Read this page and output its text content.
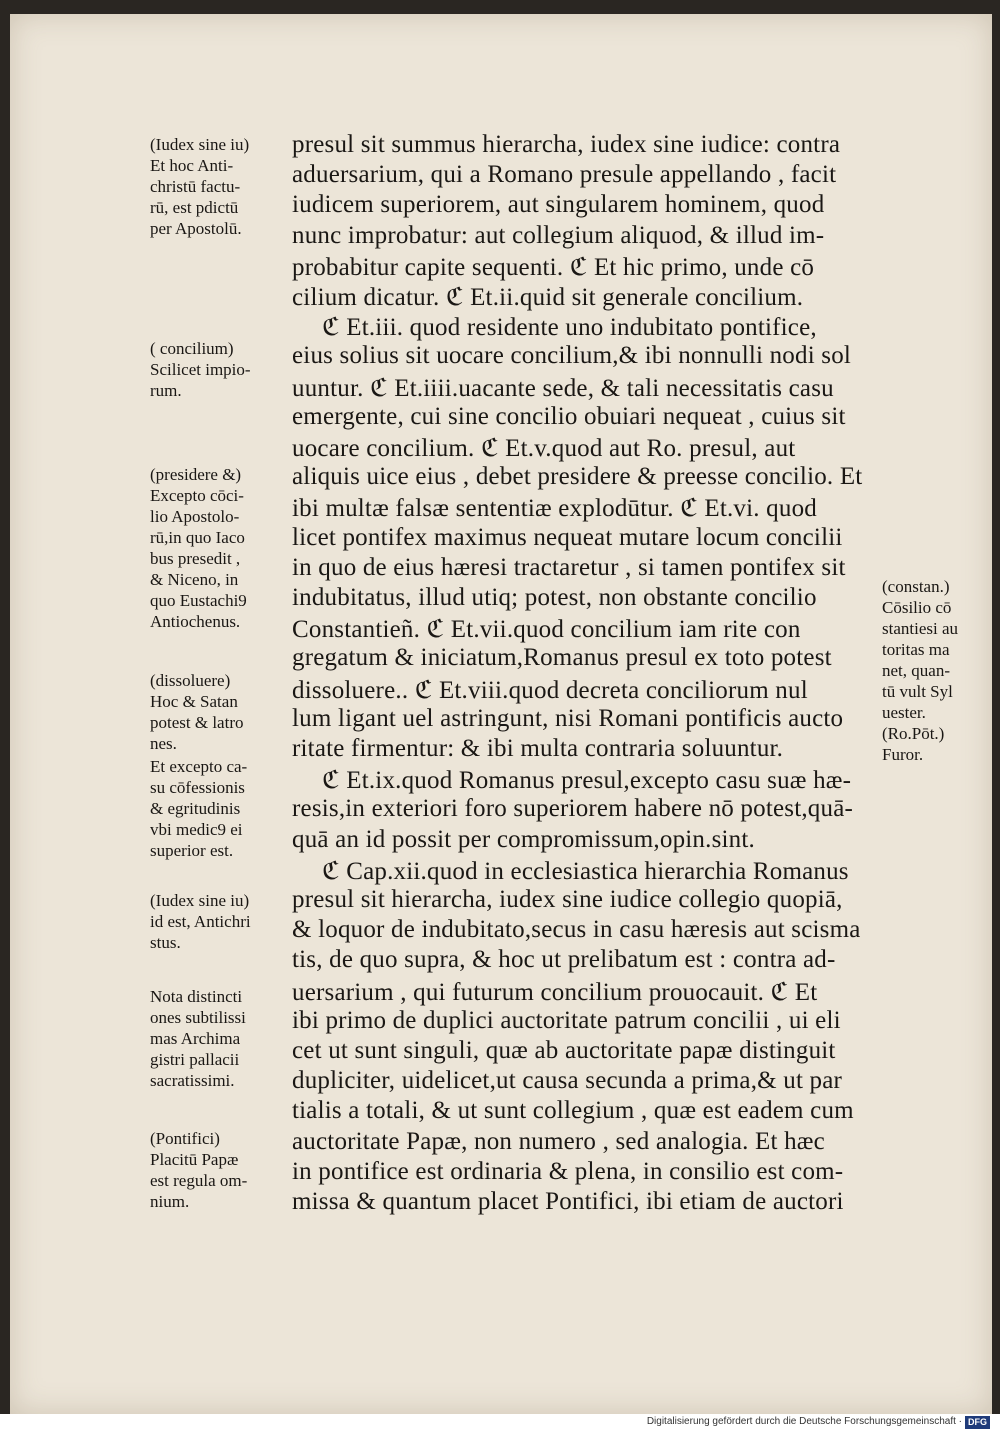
presul sit summus hierarcha, iudex sine iudice: contra
aduersarium, qui a Romano presule appellando , facit
iudicem superiorem, aut singularem hominem, quod
nunc improbatur: aut collegium aliquod, & illud im-
probabitur capite sequenti. ℭ Et hic primo, unde cō
cilium dicatur. ℭ Et.ii.quid sit generale concilium.
ℭ Et.iii. quod residente uno indubitato pontifice,
eius solius sit uocare concilium,& ibi nonnulli nodi sol
uuntur. ℭ Et.iiii.uacante sede, & tali necessitatis casu
emergente, cui sine concilio obuiari nequeat , cuius sit
uocare concilium. ℭ Et.v.quod aut Ro. presul, aut
aliquis uice eius , debet presidere & preesse concilio. Et
ibi multæ falsæ sententiæ explodūtur. ℭ Et.vi. quod
licet pontifex maximus nequeat mutare locum concilii
in quo de eius hæresi tractaretur , si tamen pontifex sit
indubitatus, illud utiq; potest, non obstante concilio
Constantieñ. ℭ Et.vii.quod concilium iam rite con
gregatum & iniciatum,Romanus presul ex toto potest
dissoluere.. ℭ Et.viii.quod decreta conciliorum nul
lum ligant uel astringunt, nisi Romani pontificis aucto
ritate firmentur: & ibi multa contraria soluuntur.
ℭ Et.ix.quod Romanus presul,excepto casu suæ hæ-
resis,in exteriori foro superiorem habere nō potest,quā-
quā an id possit per compromissum,opin.sint.
ℭ Cap.xii.quod in ecclesiastica hierarchia Romanus
presul sit hierarcha, iudex sine iudice collegio quopiā,
& loquor de indubitato,secus in casu hæresis aut scisma
tis, de quo supra, & hoc ut prelibatum est : contra ad-
uersarium , qui futurum concilium prouocauit. ℭ Et
ibi primo de duplici auctoritate patrum concilii , ui eli
cet ut sunt singuli, quæ ab auctoritate papæ distinguit
dupliciter, uidelicet,ut causa secunda a prima,& ut par
tialis a totali, & ut sunt collegium , quæ est eadem cum
auctoritate Papæ, non numero , sed analogia. Et hæc
in pontifice est ordinaria & plena, in consilio est com-
missa & quantum placet Pontifici, ibi etiam de auctori
(Iudex sine iu)
Et hoc Anti-
christū factu-
rū, est pdictū
per Apostolū.
( concilium)
Scilicet impio-
rum.
(presidere &)
Excepto cōci-
lio Apostolo-
rū,in quo Iaco
bus presedit ,
& Niceno, in
quo Eustachi9
Antiochenus.
(dissoluere)
Hoc & Satan
potest & latro
nes.
Et excepto ca-
su cōfessionis
& egritudinis
vbi medic9 ei
superior est.
(Iudex sine iu)
id est, Antichri
stus.
Nota distincti
ones subtilissi
mas Archima
gistri pallacii
sacratissimi.
(Pontifici)
Placitū Papæ
est regula om-
nium.
(constan.)
Cōsilio cō
stantiesi au
toritas ma
net, quan-
tū vult Syl
uester.
(Ro.Pōt.)
Furor.
Digitalisierung gefördert durch die Deutsche Forschungsgemeinschaft · DFG
